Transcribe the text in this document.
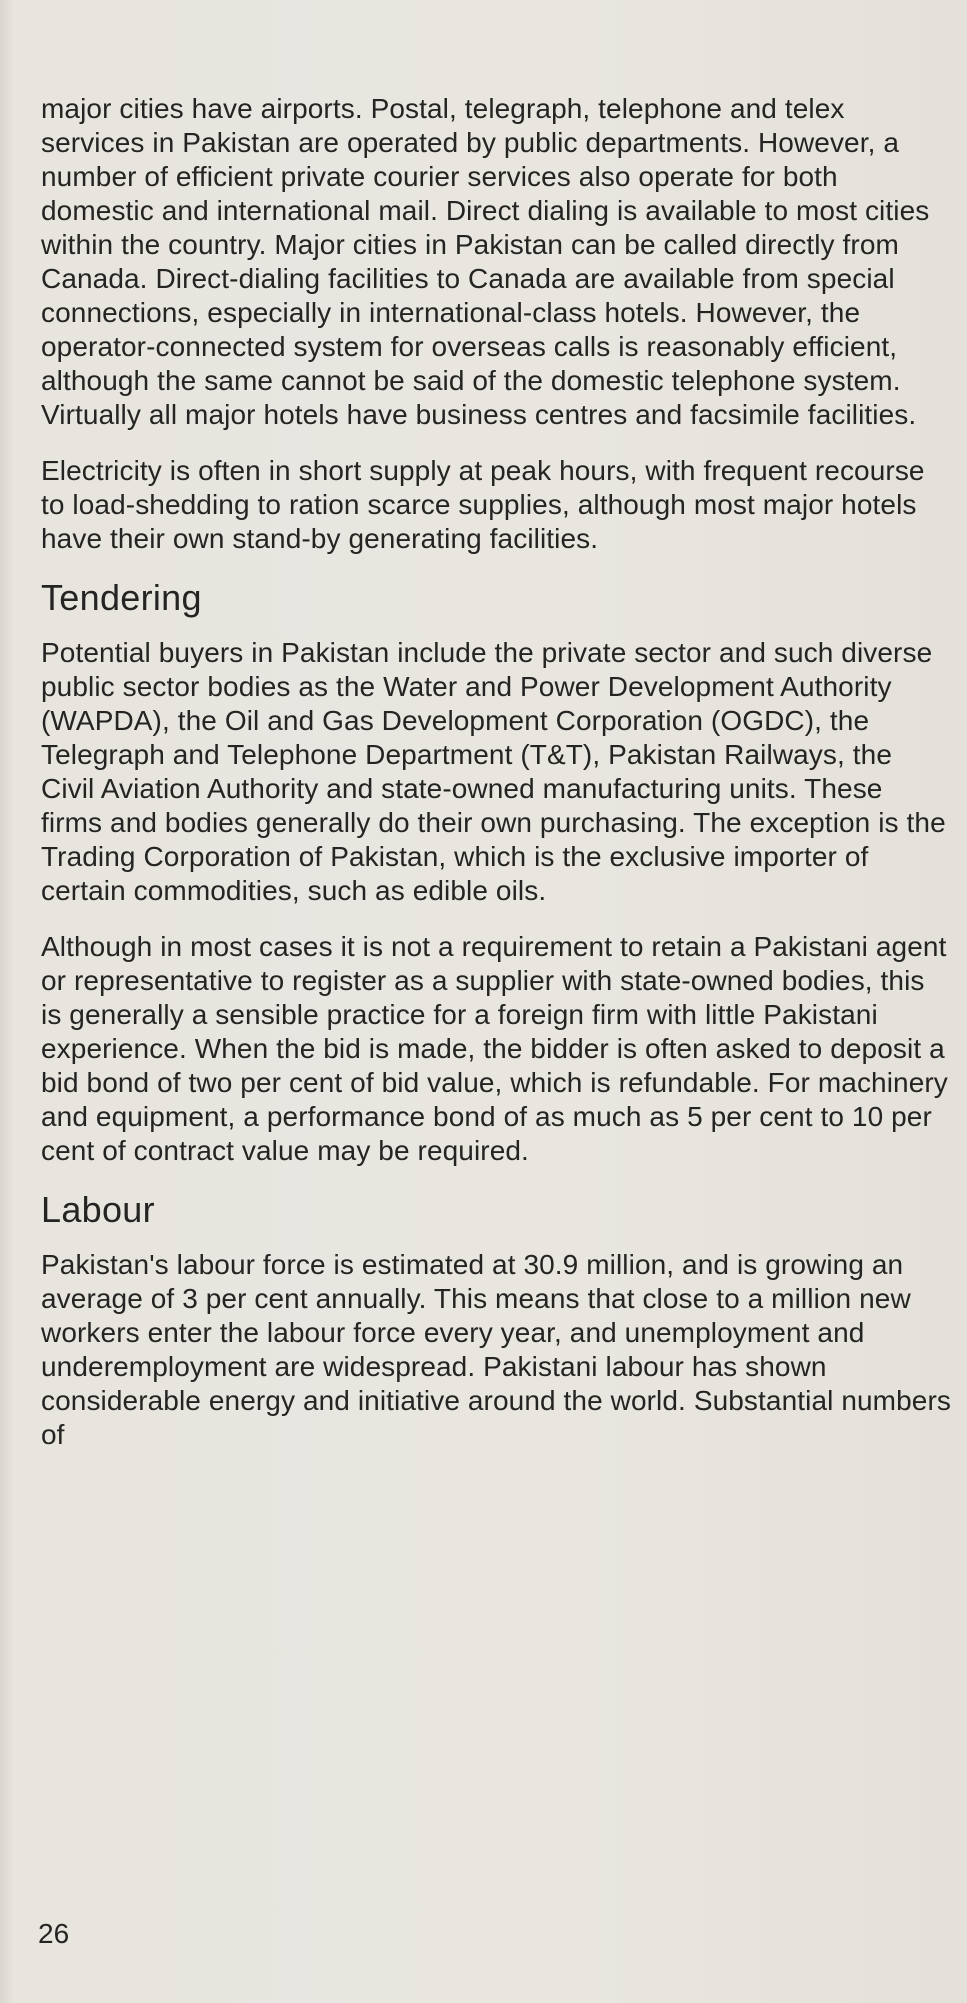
major cities have airports. Postal, telegraph, telephone and telex services in Pakistan are operated by public departments. However, a number of efficient private courier services also operate for both domestic and international mail. Direct dialing is available to most cities within the country. Major cities in Pakistan can be called directly from Canada. Direct-dialing facilities to Canada are available from special connections, especially in international-class hotels. However, the operator-connected system for overseas calls is reasonably efficient, although the same cannot be said of the domestic telephone system. Virtually all major hotels have business centres and facsimile facilities.

Electricity is often in short supply at peak hours, with frequent recourse to load-shedding to ration scarce supplies, although most major hotels have their own stand-by generating facilities.

Tendering

Potential buyers in Pakistan include the private sector and such diverse public sector bodies as the Water and Power Development Authority (WAPDA), the Oil and Gas Development Corporation (OGDC), the Telegraph and Telephone Department (T&T), Pakistan Railways, the Civil Aviation Authority and state-owned manufacturing units. These firms and bodies generally do their own purchasing. The exception is the Trading Corporation of Pakistan, which is the exclusive importer of certain commodities, such as edible oils.

Although in most cases it is not a requirement to retain a Pakistani agent or representative to register as a supplier with state-owned bodies, this is generally a sensible practice for a foreign firm with little Pakistani experience. When the bid is made, the bidder is often asked to deposit a bid bond of two per cent of bid value, which is refundable. For machinery and equipment, a performance bond of as much as 5 per cent to 10 per cent of contract value may be required.

Labour

Pakistan's labour force is estimated at 30.9 million, and is growing an average of 3 per cent annually. This means that close to a million new workers enter the labour force every year, and unemployment and underemployment are widespread. Pakistani labour has shown considerable energy and initiative around the world. Substantial numbers of

26
